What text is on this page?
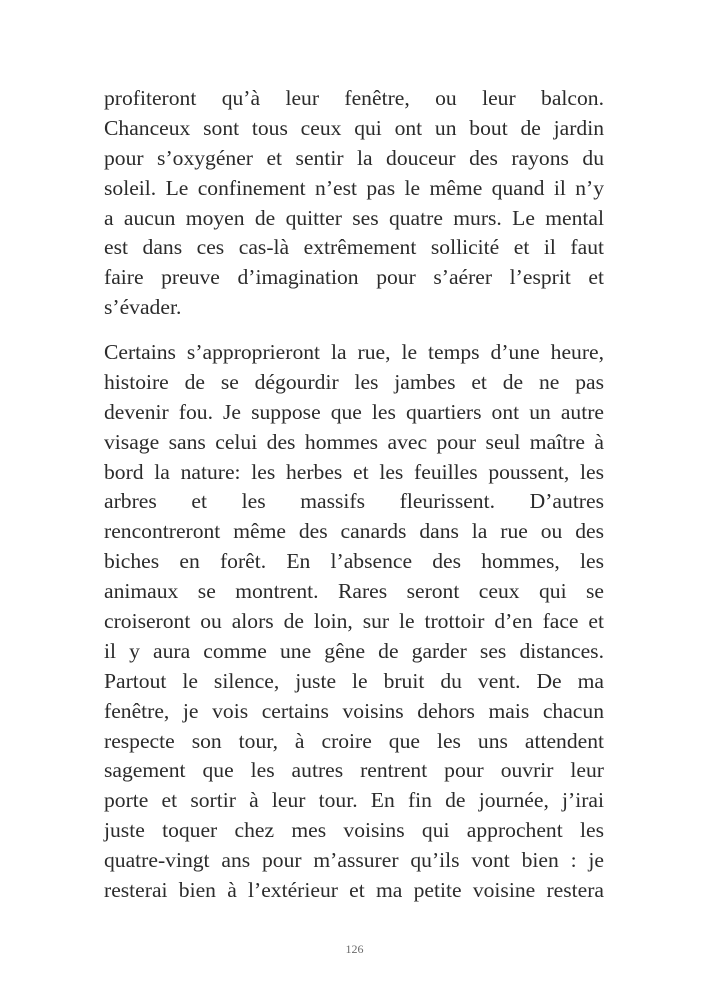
profiteront qu’à leur fenêtre, ou leur balcon.
Chanceux sont tous ceux qui ont un bout de jardin
pour s’oxygéner et sentir la douceur des rayons du
soleil. Le confinement n’est pas le même quand il n’y
a aucun moyen de quitter ses quatre murs. Le mental
est dans ces cas-là extrêmement sollicité et il faut
faire preuve d’imagination pour s’aérer l’esprit et
s’évader.
Certains s’approprieront la rue, le temps d’une heure,
histoire de se dégourdir les jambes et de ne pas
devenir fou. Je suppose que les quartiers ont un autre
visage sans celui des hommes avec pour seul maître à
bord la nature: les herbes et les feuilles poussent, les
arbres et les massifs fleurissent. D’autres
rencontreront même des canards dans la rue ou des
biches en forêt. En l’absence des hommes, les
animaux se montrent. Rares seront ceux qui se
croiseront ou alors de loin, sur le trottoir d’en face et
il y aura comme une gêne de garder ses distances.
Partout le silence, juste le bruit du vent. De ma
fenêtre, je vois certains voisins dehors mais chacun
respecte son tour, à croire que les uns attendent
sagement que les autres rentrent pour ouvrir leur
porte et sortir à leur tour. En fin de journée, j’irai
juste toquer chez mes voisins qui approchent les
quatre-vingt ans pour m’assurer qu’ils vont bien : je
resterai bien à l’extérieur et ma petite voisine restera
126
